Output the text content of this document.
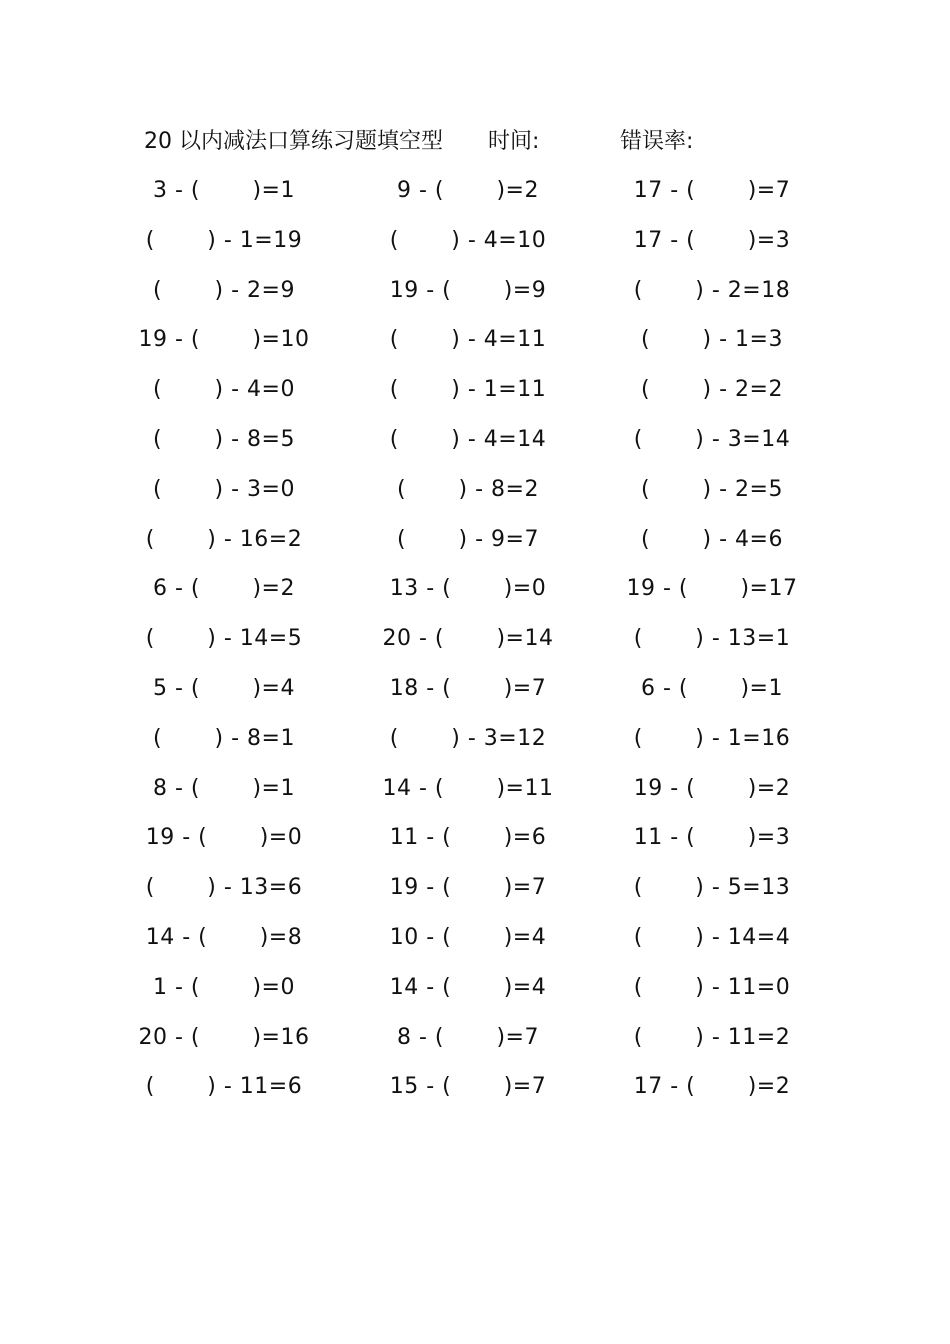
20 以内减法口算练习题填空型 时间:	错误率:
3 - (       )=1	9 - (       )=2	17 - (       )=7
(       ) - 1=19	(       ) - 4=10	17 - (       )=3
(       ) - 2=9	19 - (       )=9	(       ) - 2=18
19 - (       )=10	(       ) - 4=11	(       ) - 1=3
(       ) - 4=0	(       ) - 1=11	(       ) - 2=2
(       ) - 8=5	(       ) - 4=14	(       ) - 3=14
(       ) - 3=0	(       ) - 8=2	(       ) - 2=5
(       ) - 16=2	(       ) - 9=7	(       ) - 4=6
6 - (       )=2	13 - (       )=0	19 - (       )=17
(       ) - 14=5	20 - (       )=14	(       ) - 13=1
5 - (       )=4	18 - (       )=7	6 - (       )=1
(       ) - 8=1	(       ) - 3=12	(       ) - 1=16
8 - (       )=1	14 - (       )=11	19 - (       )=2
19 - (       )=0	11 - (       )=6	11 - (       )=3
(       ) - 13=6	19 - (       )=7	(       ) - 5=13
14 - (       )=8	10 - (       )=4	(       ) - 14=4
1 - (       )=0	14 - (       )=4	(       ) - 11=0
20 - (       )=16	8 - (       )=7	(       ) - 11=2
(       ) - 11=6	15 - (       )=7	17 - (       )=2
